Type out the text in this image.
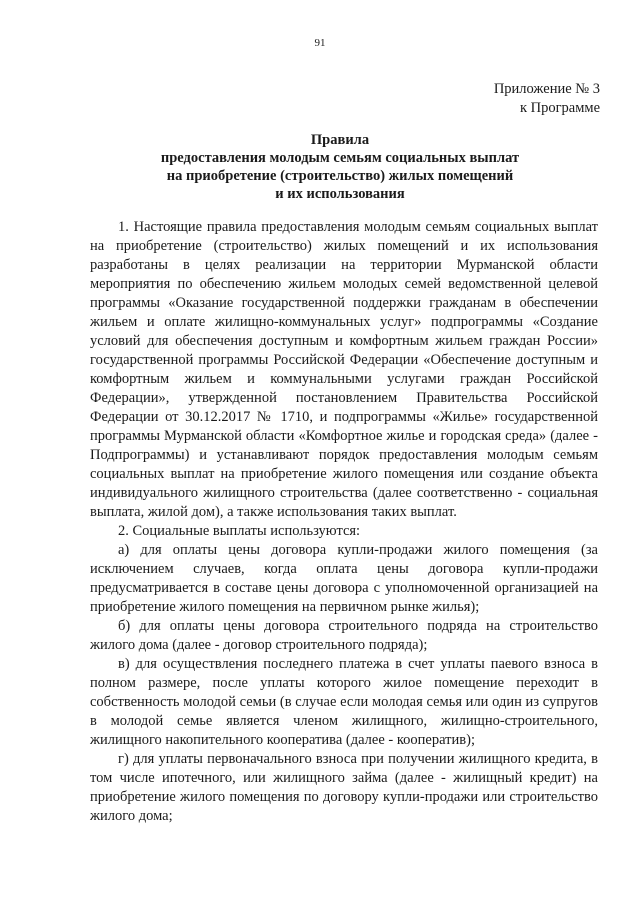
91
Приложение № 3
к Программе
Правила
предоставления молодым семьям социальных выплат
на приобретение (строительство) жилых помещений
и их использования

1. Настоящие правила предоставления молодым семьям социальных выплат на приобретение (строительство) жилых помещений и их использования разработаны в целях реализации на территории Мурманской области мероприятия по обеспечению жильем молодых семей ведомственной целевой программы «Оказание государственной поддержки гражданам в обеспечении жильем и оплате жилищно-коммунальных услуг» подпрограммы «Создание условий для обеспечения доступным и комфортным жильем граждан России» государственной программы Российской Федерации «Обеспечение доступным и комфортным жильем и коммунальными услугами граждан Российской Федерации», утвержденной постановлением Правительства Российской Федерации от 30.12.2017 № 1710, и подпрограммы «Жилье» государственной программы Мурманской области «Комфортное жилье и городская среда» (далее - Подпрограммы) и устанавливают порядок предоставления молодым семьям социальных выплат на приобретение жилого помещения или создание объекта индивидуального жилищного строительства (далее соответственно - социальная выплата, жилой дом), а также использования таких выплат.

2. Социальные выплаты используются:

а) для оплаты цены договора купли-продажи жилого помещения (за исключением случаев, когда оплата цены договора купли-продажи предусматривается в составе цены договора с уполномоченной организацией на приобретение жилого помещения на первичном рынке жилья);

б) для оплаты цены договора строительного подряда на строительство жилого дома (далее - договор строительного подряда);

в) для осуществления последнего платежа в счет уплаты паевого взноса в полном размере, после уплаты которого жилое помещение переходит в собственность молодой семьи (в случае если молодая семья или один из супругов в молодой семье является членом жилищного, жилищно-строительного, жилищного накопительного кооператива (далее - кооператив);

г) для уплаты первоначального взноса при получении жилищного кредита, в том числе ипотечного, или жилищного займа (далее - жилищный кредит) на приобретение жилого помещения по договору купли-продажи или строительство жилого дома;
